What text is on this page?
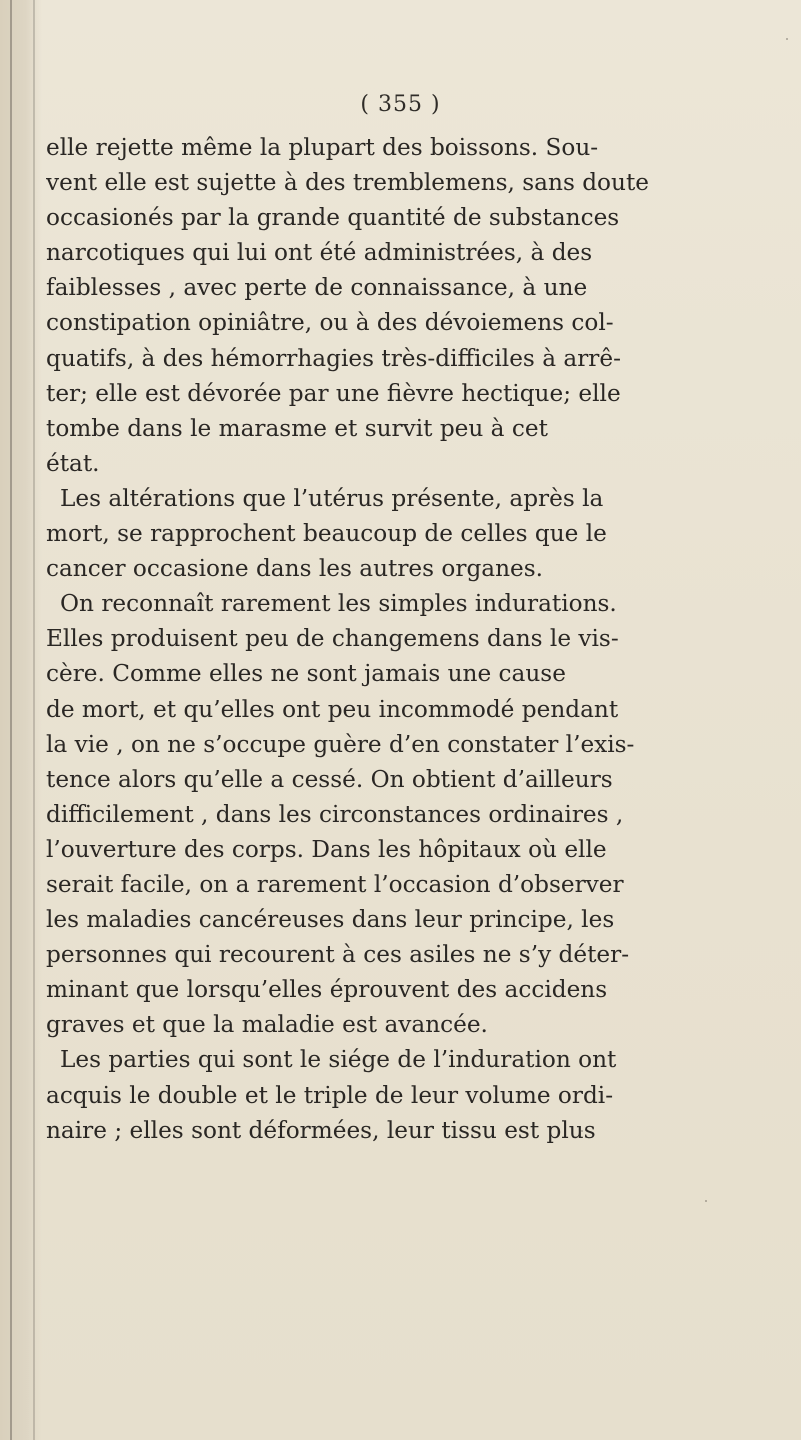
( 355 )
elle rejette même la plupart des boissons. Sou-
vent elle est sujette à des tremblemens, sans doute
occasionés par la grande quantité de substances
narcotiques qui lui ont été administrées, à des
faiblesses , avec perte de connaissance, à une
constipation opiniâtre, ou à des dévoiemens col-
quatifs, à des hémorrhagies très-difficiles à arrê-
ter; elle est dévorée par une fièvre hectique; elle
tombe dans le marasme et survit peu à cet
état.
Les altérations que l’utérus présente, après la
mort, se rapprochent beaucoup de celles que le
cancer occasione dans les autres organes.
On reconnaît rarement les simples indurations.
Elles produisent peu de changemens dans le vis-
cère. Comme elles ne sont jamais une cause
de mort, et qu’elles ont peu incommodé pendant
la vie , on ne s’occupe guère d’en constater l’exis-
tence alors qu’elle a cessé. On obtient d’ailleurs
difficilement , dans les circonstances ordinaires ,
l’ouverture des corps. Dans les hôpitaux où elle
serait facile, on a rarement l’occasion d’observer
les maladies cancéreuses dans leur principe, les
personnes qui recourent à ces asiles ne s’y déter-
minant que lorsqu’elles éprouvent des accidens
graves et que la maladie est avancée.
Les parties qui sont le siége de l’induration ont
acquis le double et le triple de leur volume ordi-
naire ; elles sont déformées, leur tissu est plus
